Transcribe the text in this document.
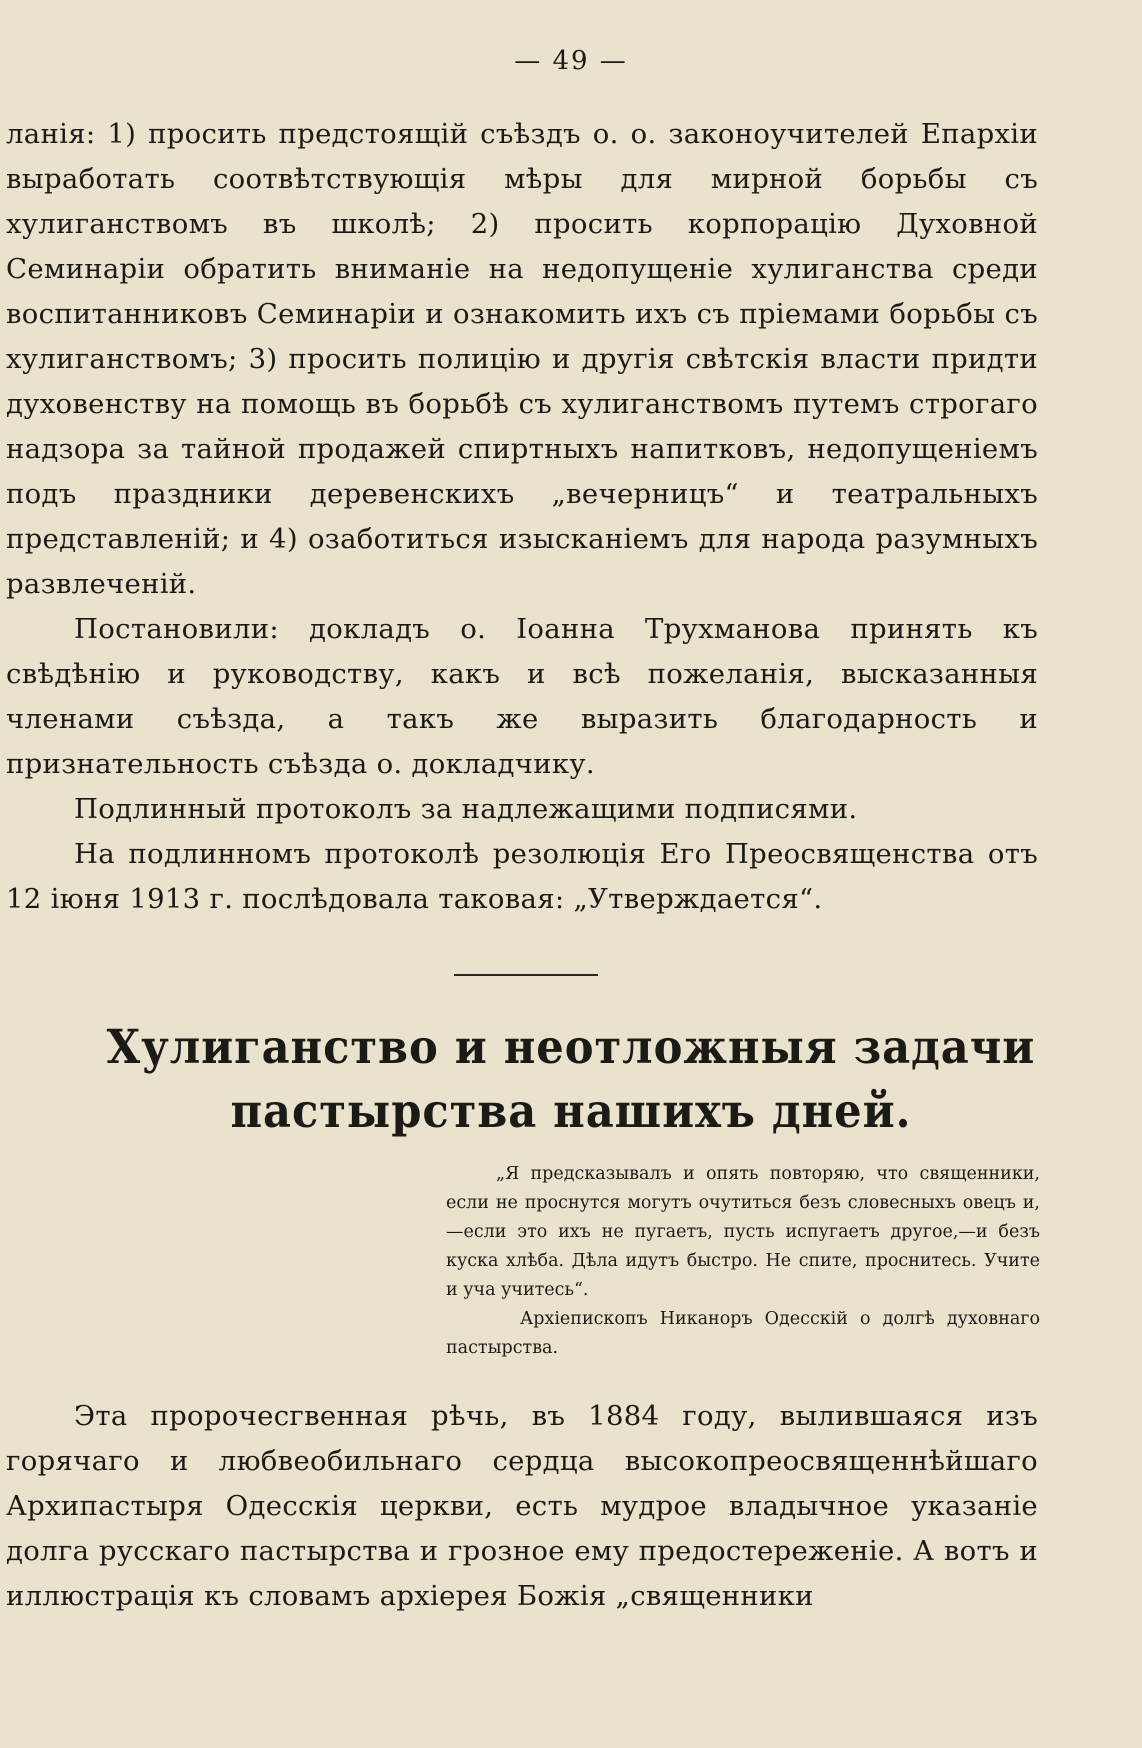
— 49 —

ланія: 1) просить предстоящій съѣздъ о. о. законоучителей Епархіи выработать соотвѣтствующія мѣры для мирной борьбы съ хулиганствомъ въ школѣ; 2) просить корпорацію Духовной Семинаріи обратить вниманіе на недопущеніе хулиганства среди воспитанниковъ Семинаріи и ознакомить ихъ съ пріемами борьбы съ хулиганствомъ; 3) просить полицію и другія свѣтскія власти придти духовенству на помощь въ борьбѣ съ хулиганствомъ путемъ строгаго надзора за тайной продажей спиртныхъ напитковъ, недопущеніемъ подъ праздники деревенскихъ „вечерницъ“ и театральныхъ представленій; и 4) озаботиться изысканіемъ для народа разумныхъ развлеченій.

Постановили: докладъ о. Іоанна Трухманова принять къ свѣдѣнію и руководству, какъ и всѣ пожеланія, высказанныя членами съѣзда, а такъ же выразить благодарность и признательность съѣзда о. докладчику.

Подлинный протоколъ за надлежащими подписями.

На подлинномъ протоколѣ резолюція Его Преосвященства отъ 12 іюня 1913 г. послѣдовала таковая: „Утверждается“.

Хулиганство и неотложныя задачи пастырства нашихъ дней.

„Я предсказывалъ и опять повторяю, что священники, если не проснутся могутъ очутиться безъ словесныхъ овецъ и,—если это ихъ не пугаетъ, пусть испугаетъ другое,—и безъ куска хлѣба. Дѣла идутъ быстро. Не спите, проснитесь. Учите и уча учитесь“.

Архіепископъ Никаноръ Одесскій о долгѣ духовнаго пастырства.

Эта пророчесгвенная рѣчь, въ 1884 году, вылившаяся изъ горячаго и любвеобильнаго сердца высокопреосвященнѣйшаго Архипастыря Одесскія церкви, есть мудрое владычное указаніе долга русскаго пастырства и грозное ему предостереженіе. А вотъ и иллюстрація къ словамъ архіерея Божія „священники
